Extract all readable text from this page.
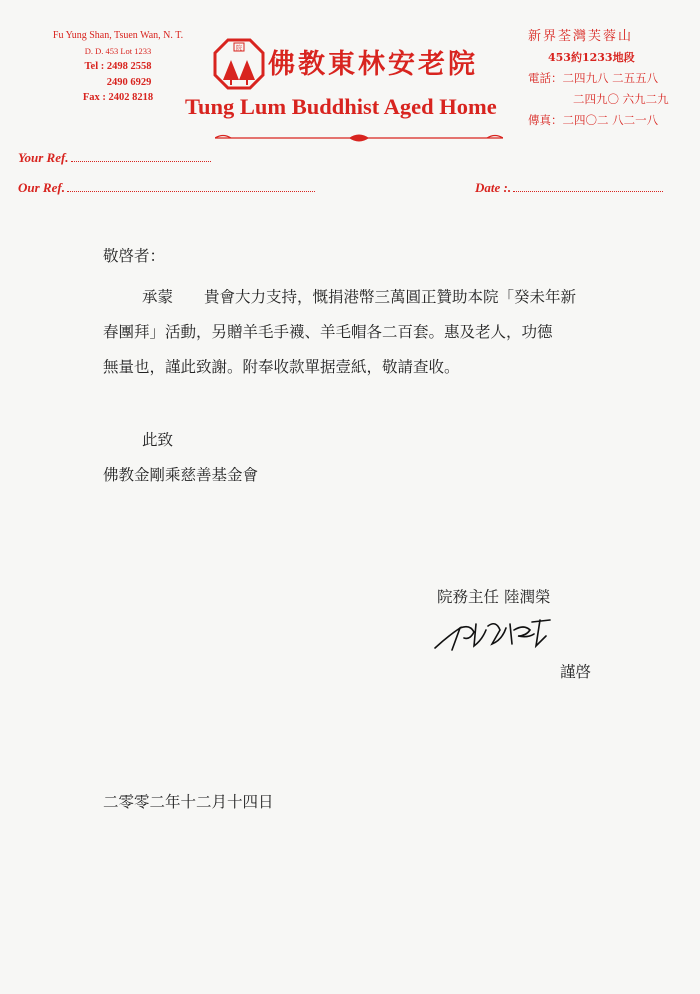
Fu Yung Shan, Tsuen Wan, N. T.
D. D. 453 Lot 1233
Tel : 2498 2558
2490 6929
Fax : 2402 8218
院
佛教東林安老院
Tung Lum Buddhist Aged Home
新界荃灣芙蓉山
453約1233地段
電話：二四九八 二五五八
二四九〇 六九二九
傳真：二四〇二 八二一八
Your Ref.
Our Ref.	Date :.
敬啓者：
承蒙　　貴會大力支持，慨捐港幣三萬圓正贊助本院「癸未年新
春團拜」活動，另贈羊毛手襪、羊毛帽各二百套。惠及老人，功德
無量也，謹此致謝。附奉收款單据壹紙，敬請查收。
此致
佛教金剛乘慈善基金會
院務主任 陸潤榮
謹啓
二零零二年十二月十四日
